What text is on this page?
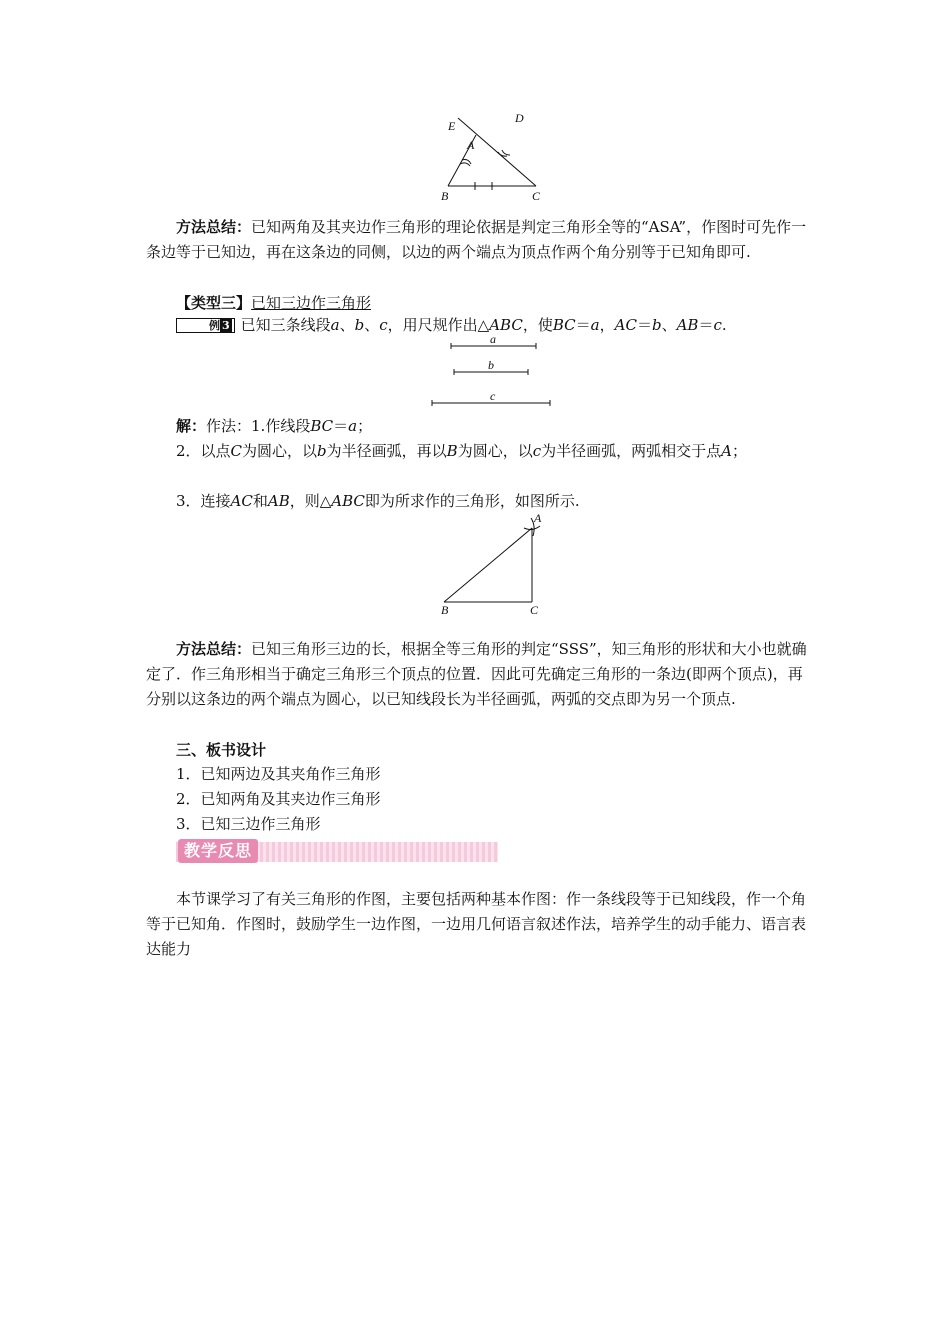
E
D
A
B	C
方法总结：已知两角及其夹边作三角形的理论依据是判定三角形全等的“ASA”，作图时可先作一条边等于已知边，再在这条边的同侧，以边的两个端点为顶点作两个角分别等于已知角即可.
【类型三】已知三边作三角形
例 3 已知三条线段a、b、c，用尺规作出△ABC，使BC＝a，AC＝b、AB＝c.
a
b
c
解：作法：1.作线段BC＝a；
2．以点C为圆心，以b为半径画弧，再以B为圆心，以c为半径画弧，两弧相交于点A；
3．连接AC和AB，则△ABC即为所求作的三角形，如图所示.
A
B	C
方法总结：已知三角形三边的长，根据全等三角形的判定“SSS”，知三角形的形状和大小也就确定了．作三角形相当于确定三角形三个顶点的位置．因此可先确定三角形的一条边(即两个顶点)，再分别以这条边的两个端点为圆心，以已知线段长为半径画弧，两弧的交点即为另一个顶点.
三、板书设计
1．已知两边及其夹角作三角形
2．已知两角及其夹边作三角形
3．已知三边作三角形
教学反思
本节课学习了有关三角形的作图，主要包括两种基本作图：作一条线段等于已知线段，作一个角等于已知角．作图时，鼓励学生一边作图，一边用几何语言叙述作法，培养学生的动手能力、语言表达能力
